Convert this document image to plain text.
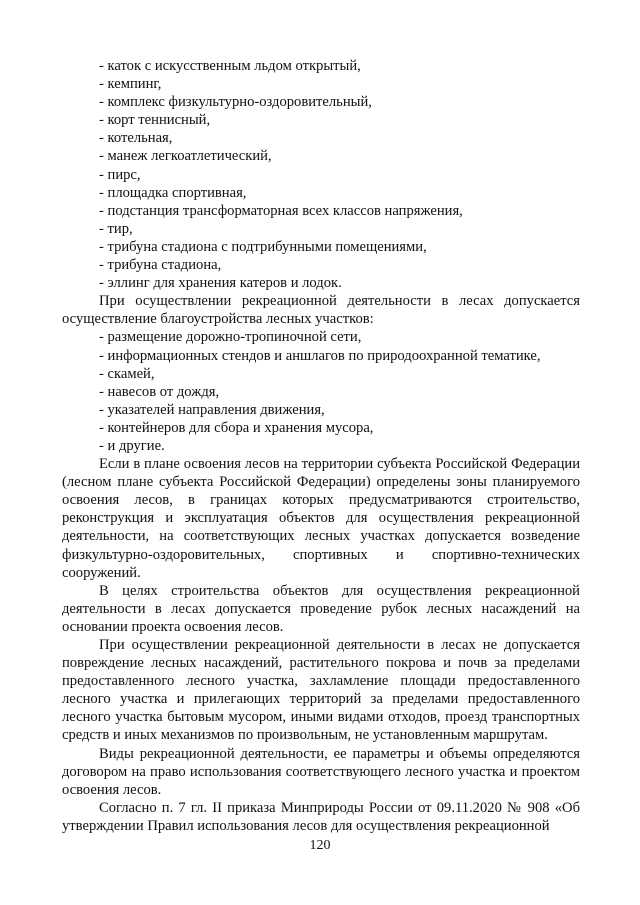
- каток с искусственным льдом открытый,

- кемпинг,

- комплекс физкультурно-оздоровительный,

- корт теннисный,

- котельная,

- манеж легкоатлетический,

- пирс,

- площадка спортивная,

- подстанция трансформаторная всех классов напряжения,

- тир,

- трибуна стадиона с подтрибунными помещениями,

- трибуна стадиона,

- эллинг для хранения катеров и лодок.

При осуществлении рекреационной деятельности в лесах допускается осуществление благоустройства лесных участков:

- размещение дорожно-тропиночной сети,

- информационных стендов и аншлагов по природоохранной тематике,

- скамей,

- навесов от дождя,

- указателей направления движения,

- контейнеров для сбора и хранения мусора,

- и другие.

Если в плане освоения лесов на территории субъекта Российской Федерации (лесном плане субъекта Российской Федерации) определены зоны планируемого освоения лесов, в границах которых предусматриваются строительство, реконструкция и эксплуатация объектов для осуществления рекреационной деятельности, на соответствующих лесных участках допускается возведение физкультурно-оздоровительных, спортивных и спортивно-технических сооружений.

В целях строительства объектов для осуществления рекреационной деятельности в лесах допускается проведение рубок лесных насаждений на основании проекта освоения лесов.

При осуществлении рекреационной деятельности в лесах не допускается повреждение лесных насаждений, растительного покрова и почв за пределами предоставленного лесного участка, захламление площади предоставленного лесного участка и прилегающих территорий за пределами предоставленного лесного участка бытовым мусором, иными видами отходов, проезд транспортных средств и иных механизмов по произвольным, не установленным маршрутам.

Виды рекреационной деятельности, ее параметры и объемы определяются договором на право использования соответствующего лесного участка и проектом освоения лесов.

Согласно п. 7 гл. II приказа Минприроды России от 09.11.2020 № 908 «Об утверждении Правил использования лесов для осуществления рекреационной

120
